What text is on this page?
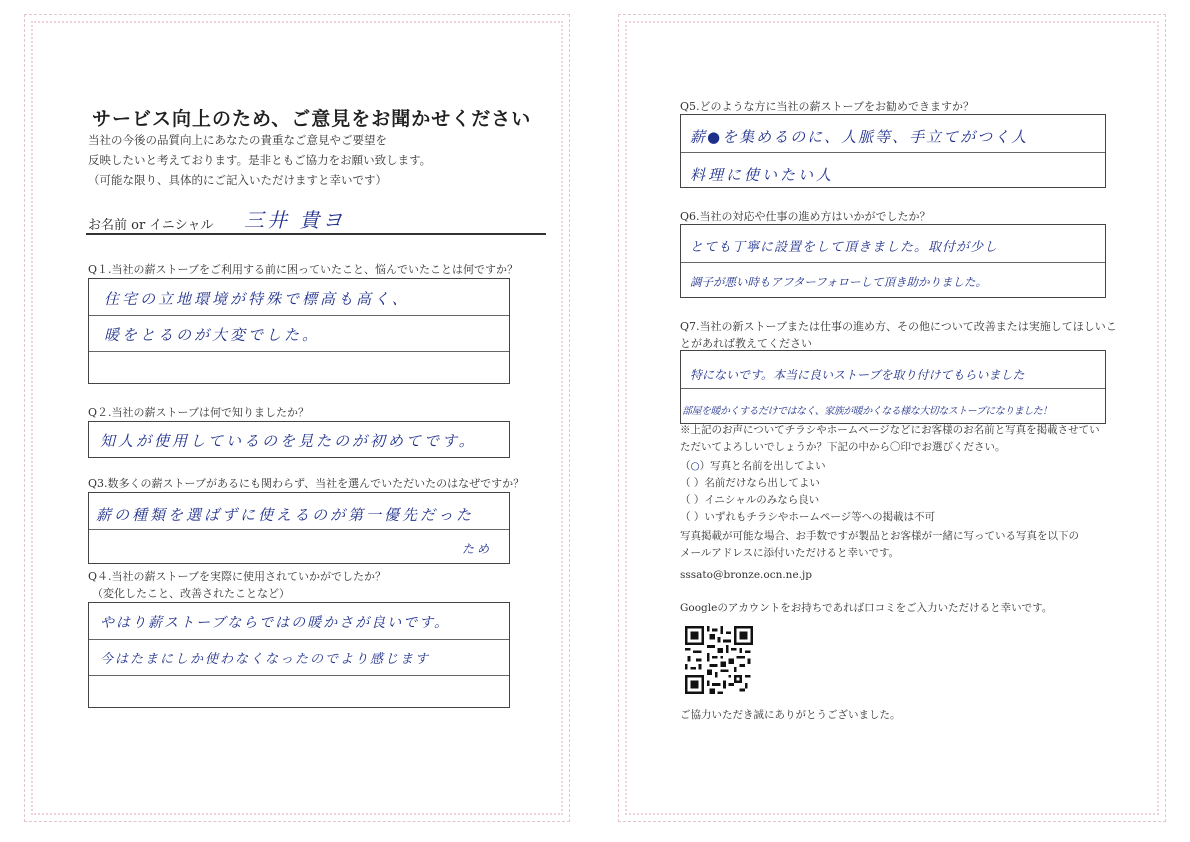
サービス向上のため、ご意見をお聞かせください
当社の今後の品質向上にあなたの貴重なご意見やご要望を
反映したいと考えております。是非ともご協力をお願い致します。
（可能な限り、具体的にご記入いただけますと幸いです）
お名前 or イニシャル 三井 貴ヨ
Q１.当社の薪ストーブをご利用する前に困っていたこと、悩んでいたことは何ですか？
住宅の立地環境が特殊で標高も高く、
暖をとるのが大変でした。
Q２.当社の薪ストーブは何で知りましたか？
知人が使用しているのを見たのが初めてです。
Q3.数多くの薪ストーブがあるにも関わらず、当社を選んでいただいたのはなぜですか？
薪の種類を選ばずに使えるのが第一優先だった
ため
Q４.当社の薪ストーブを実際に使用されていかがでしたか？
（変化したこと、改善されたことなど）
やはり薪ストーブならではの暖かさが良いです。
今はたまにしか使わなくなったのでより感じます
Q5.どのような方に当社の薪ストーブをお勧めできますか？
薪●を集めるのに、人脈等、手立てがつく人
料理に使いたい人
Q6.当社の対応や仕事の進め方はいかがでしたか？
とても丁寧に設置をして頂きました。取付が少し
調子が悪い時もアフターフォローして頂き助かりました。
Q7.当社の新ストーブまたは仕事の進め方、その他について改善または実施してほしいこ
とがあれば教えてください
特にないです。本当に良いストーブを取り付けてもらいました
部屋を暖かくするだけではなく、家族が暖かくなる様な大切なストーブになりました！
※上記のお声についてチラシやホームページなどにお客様のお名前と写真を掲載させてい
ただいてよろしいでしょうか？下記の中から〇印でお選びください。
（○）写真と名前を出してよい
（ ）名前だけなら出してよい
（ ）イニシャルのみなら良い
（ ）いずれもチラシやホームページ等への掲載は不可
写真掲載が可能な場合、お手数ですが製品とお客様が一緒に写っている写真を以下の
メールアドレスに添付いただけると幸いです。
sssato@bronze.ocn.ne.jp
Googleのアカウントをお持ちであれば口コミをご入力いただけると幸いです。
ご協力いただき誠にありがとうございました。
